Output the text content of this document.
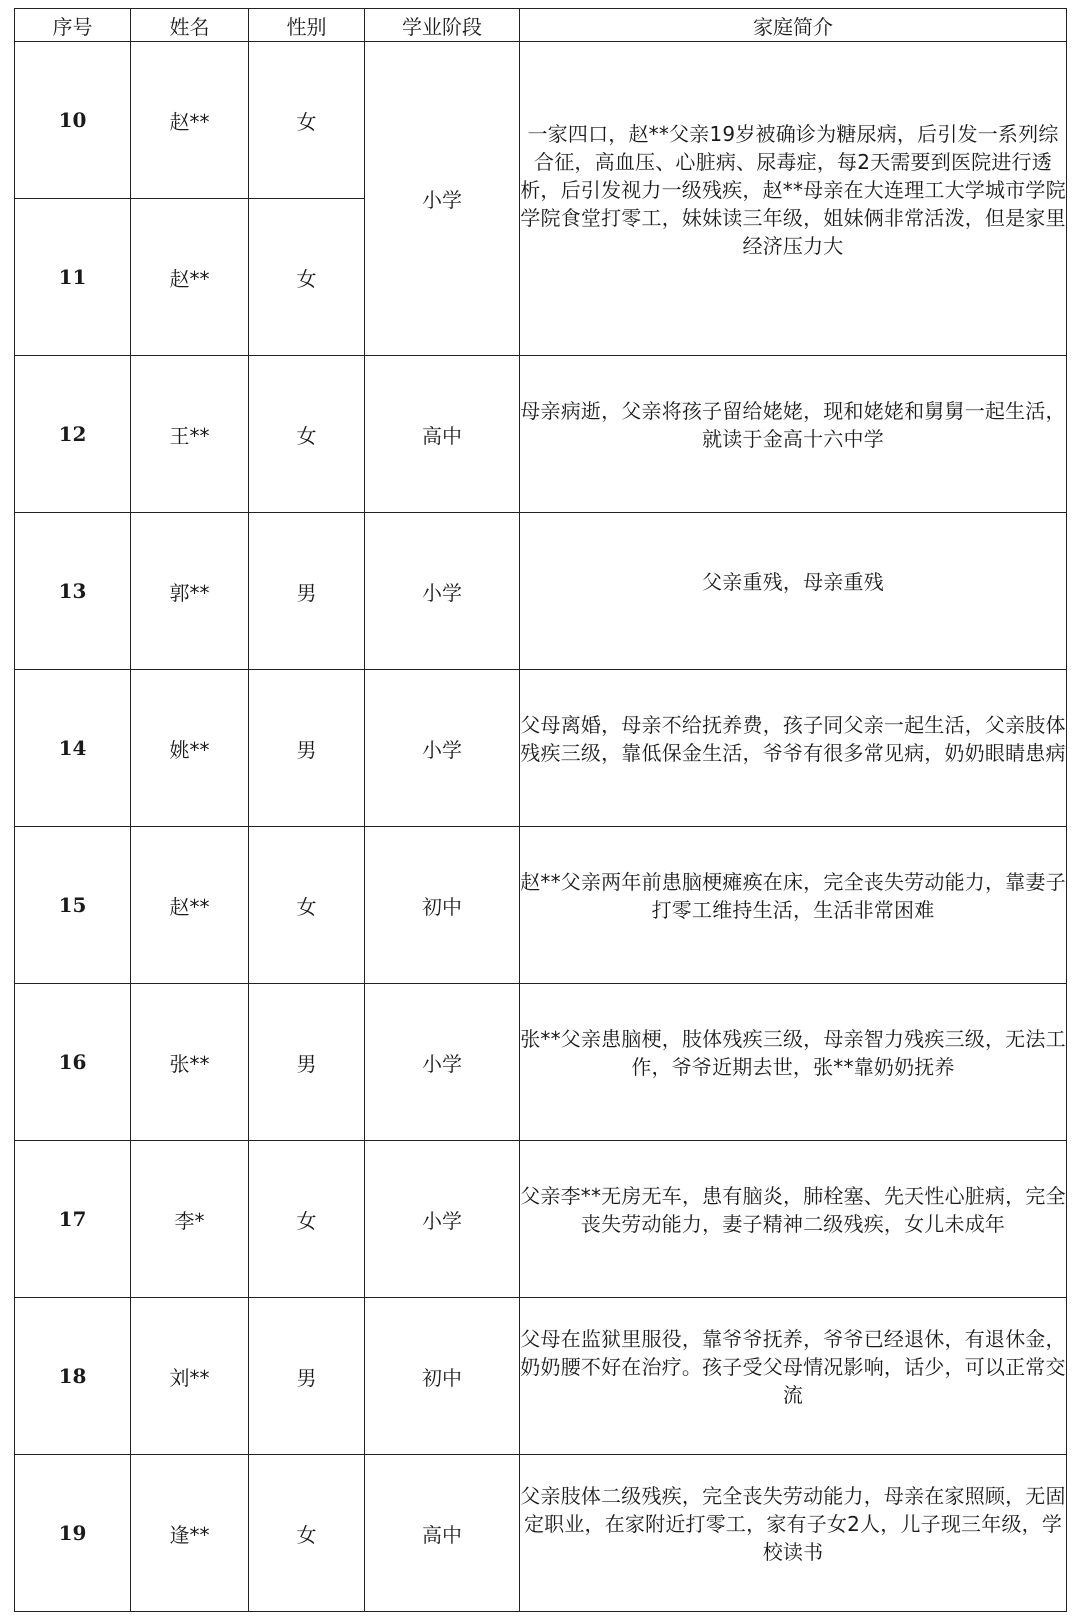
序号	姓名	性别	学业阶段	家庭简介
10	赵**	女	小学	一家四口，赵**父亲19岁被确诊为糖尿病，后引发一系列综合征，高血压、心脏病、尿毒症，每2天需要到医院进行透析，后引发视力一级残疾，赵**母亲在大连理工大学城市学院学院食堂打零工，妹妹读三年级，姐妹俩非常活泼，但是家里经济压力大

11	赵**	女		
12	王**	女	高中	母亲病逝，父亲将孩子留给姥姥，现和姥姥和舅舅一起生活，就读于金高十六中学

13	郭**	男	小学	父亲重残，母亲重残

14	姚**	男	小学	父母离婚，母亲不给抚养费，孩子同父亲一起生活，父亲肢体残疾三级，靠低保金生活，爷爷有很多常见病，奶奶眼睛患病

15	赵**	女	初中	赵**父亲两年前患脑梗瘫痪在床，完全丧失劳动能力，靠妻子打零工维持生活，生活非常困难

16	张**	男	小学	张**父亲患脑梗，肢体残疾三级，母亲智力残疾三级，无法工作，爷爷近期去世，张**靠奶奶抚养

17	李*	女	小学	父亲李**无房无车，患有脑炎，肺栓塞、先天性心脏病，完全丧失劳动能力，妻子精神二级残疾，女儿未成年

18	刘**	男	初中	父母在监狱里服役，靠爷爷抚养，爷爷已经退休，有退休金，奶奶腰不好在治疗。孩子受父母情况影响，话少，可以正常交流

19	逢**	女	高中	父亲肢体二级残疾，完全丧失劳动能力，母亲在家照顾，无固定职业，在家附近打零工，家有子女2人，儿子现三年级，学校读书
